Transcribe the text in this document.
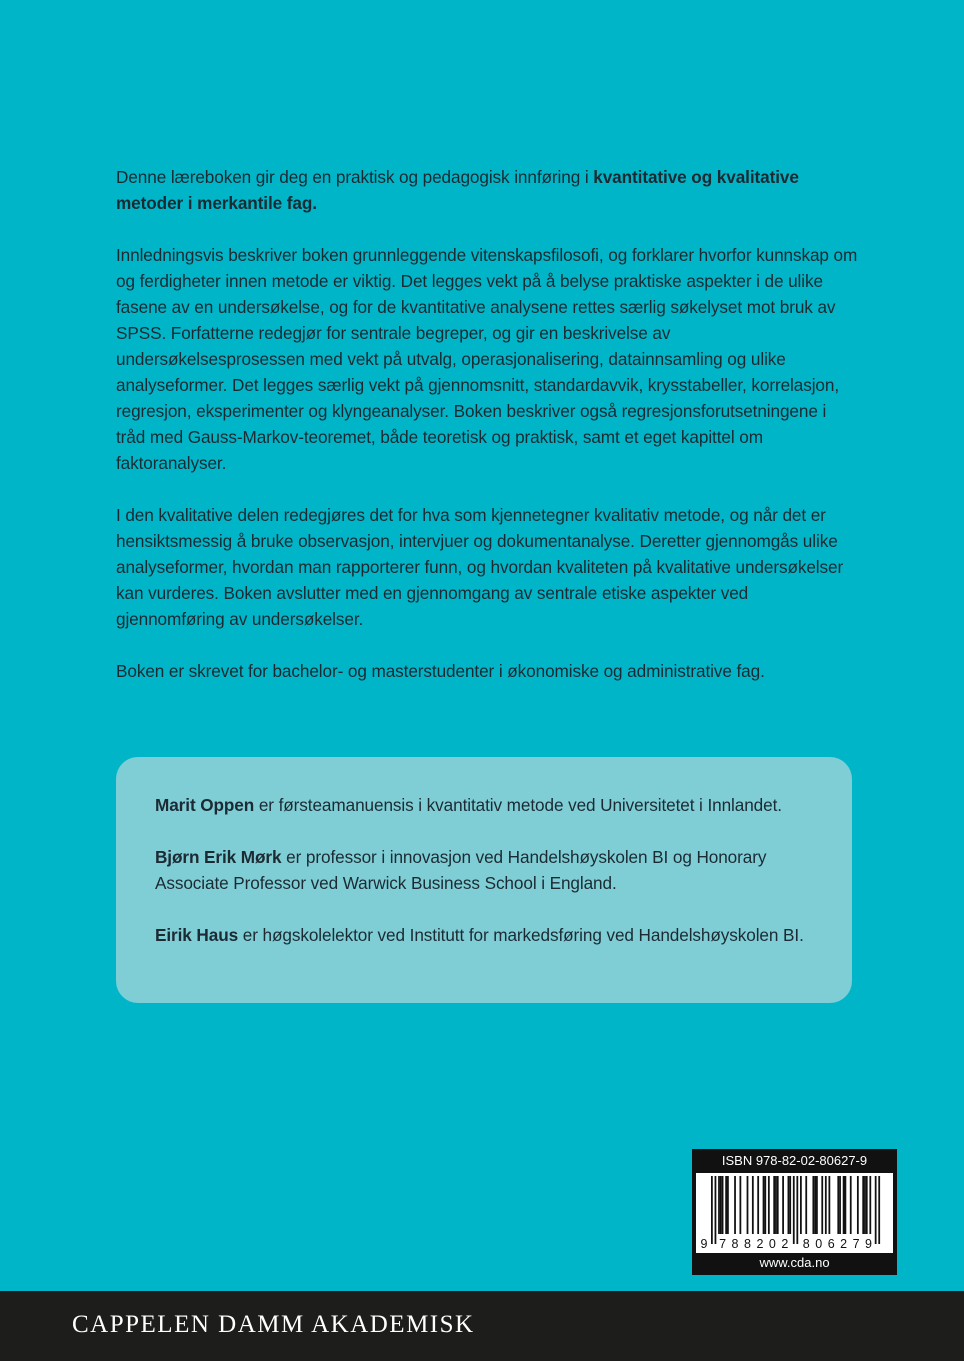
Denne læreboken gir deg en praktisk og pedagogisk innføring i kvantitative og kvalitative metoder i merkantile fag.

Innledningsvis beskriver boken grunnleggende vitenskapsfilosofi, og forklarer hvorfor kunnskap om og ferdigheter innen metode er viktig. Det legges vekt på å belyse praktiske aspekter i de ulike fasene av en undersøkelse, og for de kvantitative analysene rettes særlig søkelyset mot bruk av SPSS. Forfatterne redegjør for sentrale begreper, og gir en beskrivelse av undersøkelsesprosessen med vekt på utvalg, operasjonalisering, datainnsamling og ulike analyseformer. Det legges særlig vekt på gjennomsnitt, standardavvik, krysstabeller, korrelasjon, regresjon, eksperimenter og klyngeanalyser. Boken beskriver også regresjonsforutsetningene i tråd med Gauss-Markov-teoremet, både teoretisk og praktisk, samt et eget kapittel om faktoranalyser.

I den kvalitative delen redegjøres det for hva som kjennetegner kvalitativ metode, og når det er hensiktsmessig å bruke observasjon, intervjuer og dokumentanalyse. Deretter gjennomgås ulike analyseformer, hvordan man rapporterer funn, og hvordan kvaliteten på kvalitative undersøkelser kan vurderes. Boken avslutter med en gjennomgang av sentrale etiske aspekter ved gjennomføring av undersøkelser.

Boken er skrevet for bachelor- og masterstudenter i økonomiske og administrative fag.

Marit Oppen er førsteamanuensis i kvantitativ metode ved Universitetet i Innlandet.

Bjørn Erik Mørk er professor i innovasjon ved Handelshøyskolen BI og Honorary Associate Professor ved Warwick Business School i England.

Eirik Haus er høgskolelektor ved Institutt for markedsføring ved Handelshøyskolen BI.

ISBN 978-82-02-80627-9
9 7 8 8 2 0 2 8 0 6 2 7 9
www.cda.no
CAPPELEN DAMM AKADEMISK
